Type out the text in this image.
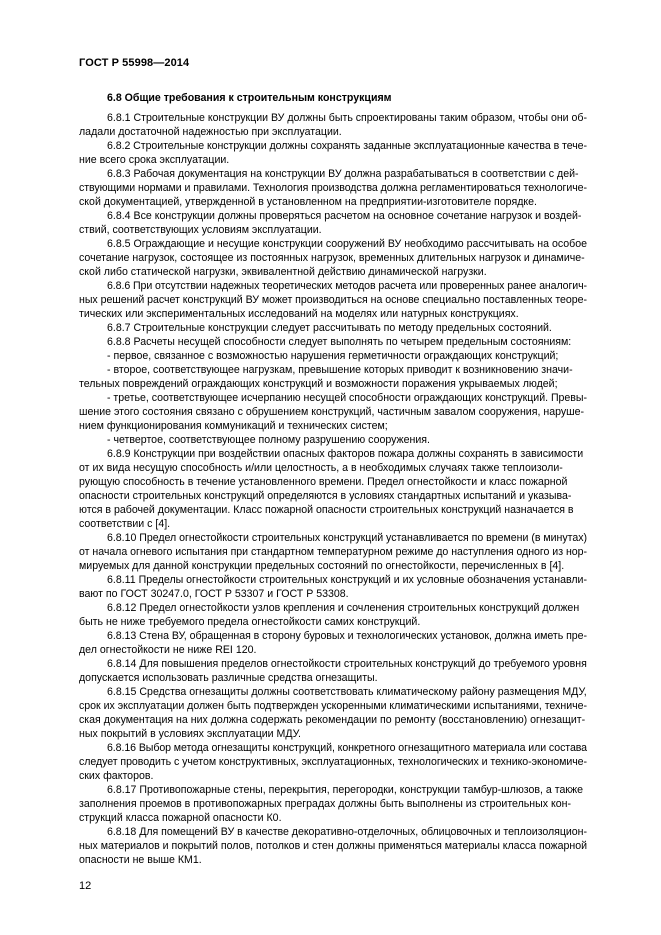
ГОСТ Р 55998—2014
6.8 Общие требования к строительным конструкциям
6.8.1 Строительные конструкции ВУ должны быть спроектированы таким образом, чтобы они об-
ладали достаточной надежностью при эксплуатации.
6.8.2 Строительные конструкции должны сохранять заданные эксплуатационные качества в тече-
ние всего срока эксплуатации.
6.8.3 Рабочая документация на конструкции ВУ должна разрабатываться в соответствии с дей-
ствующими нормами и правилами. Технология производства должна регламентироваться технологиче-
ской документацией, утвержденной в установленном на предприятии-изготовителе порядке.
6.8.4 Все конструкции должны проверяться расчетом на основное сочетание нагрузок и воздей-
ствий, соответствующих условиям эксплуатации.
6.8.5 Ограждающие и несущие конструкции сооружений ВУ необходимо рассчитывать на особое
сочетание нагрузок, состоящее из постоянных нагрузок, временных длительных нагрузок и динамиче-
ской либо статической нагрузки, эквивалентной действию динамической нагрузки.
6.8.6 При отсутствии надежных теоретических методов расчета или проверенных ранее аналогич-
ных решений расчет конструкций ВУ может производиться на основе специально поставленных теоре-
тических или экспериментальных исследований на моделях или натурных конструкциях.
6.8.7 Строительные конструкции следует рассчитывать по методу предельных состояний.
6.8.8 Расчеты несущей способности следует выполнять по четырем предельным состояниям:
- первое, связанное с возможностью нарушения герметичности ограждающих конструкций;
- второе, соответствующее нагрузкам, превышение которых приводит к возникновению значи-
тельных повреждений ограждающих конструкций и возможности поражения укрываемых людей;
- третье, соответствующее исчерпанию несущей способности ограждающих конструкций. Превы-
шение этого состояния связано с обрушением конструкций, частичным завалом сооружения, наруше-
нием функционирования коммуникаций и технических систем;
- четвертое, соответствующее полному разрушению сооружения.
6.8.9 Конструкции при воздействии опасных факторов пожара должны сохранять в зависимости
от их вида несущую способность и/или целостность, а в необходимых случаях также теплоизоли-
рующую способность в течение установленного времени. Предел огнестойкости и класс пожарной
опасности строительных конструкций определяются в условиях стандартных испытаний и указыва-
ются в рабочей документации. Класс пожарной опасности строительных конструкций назначается в
соответствии с [4].
6.8.10 Предел огнестойкости строительных конструкций устанавливается по времени (в минутах)
от начала огневого испытания при стандартном температурном режиме до наступления одного из нор-
мируемых для данной конструкции предельных состояний по огнестойкости, перечисленных в [4].
6.8.11 Пределы огнестойкости строительных конструкций и их условные обозначения устанавли-
вают по ГОСТ 30247.0, ГОСТ Р 53307 и ГОСТ Р 53308.
6.8.12 Предел огнестойкости узлов крепления и сочленения строительных конструкций должен
быть не ниже требуемого предела огнестойкости самих конструкций.
6.8.13 Стена ВУ, обращенная в сторону буровых и технологических установок, должна иметь пре-
дел огнестойкости не ниже REI 120.
6.8.14 Для повышения пределов огнестойкости строительных конструкций до требуемого уровня
допускается использовать различные средства огнезащиты.
6.8.15 Средства огнезащиты должны соответствовать климатическому району размещения МДУ,
срок их эксплуатации должен быть подтвержден ускоренными климатическими испытаниями, техниче-
ская документация на них должна содержать рекомендации по ремонту (восстановлению) огнезащит-
ных покрытий в условиях эксплуатации МДУ.
6.8.16 Выбор метода огнезащиты конструкций, конкретного огнезащитного материала или состава
следует проводить с учетом конструктивных, эксплуатационных, технологических и технико-экономиче-
ских факторов.
6.8.17 Противопожарные стены, перекрытия, перегородки, конструкции тамбур-шлюзов, а также
заполнения проемов в противопожарных преградах должны быть выполнены из строительных кон-
струкций класса пожарной опасности К0.
6.8.18 Для помещений ВУ в качестве декоративно-отделочных, облицовочных и теплоизоляцион-
ных материалов и покрытий полов, потолков и стен должны применяться материалы класса пожарной
опасности не выше КМ1.
12
